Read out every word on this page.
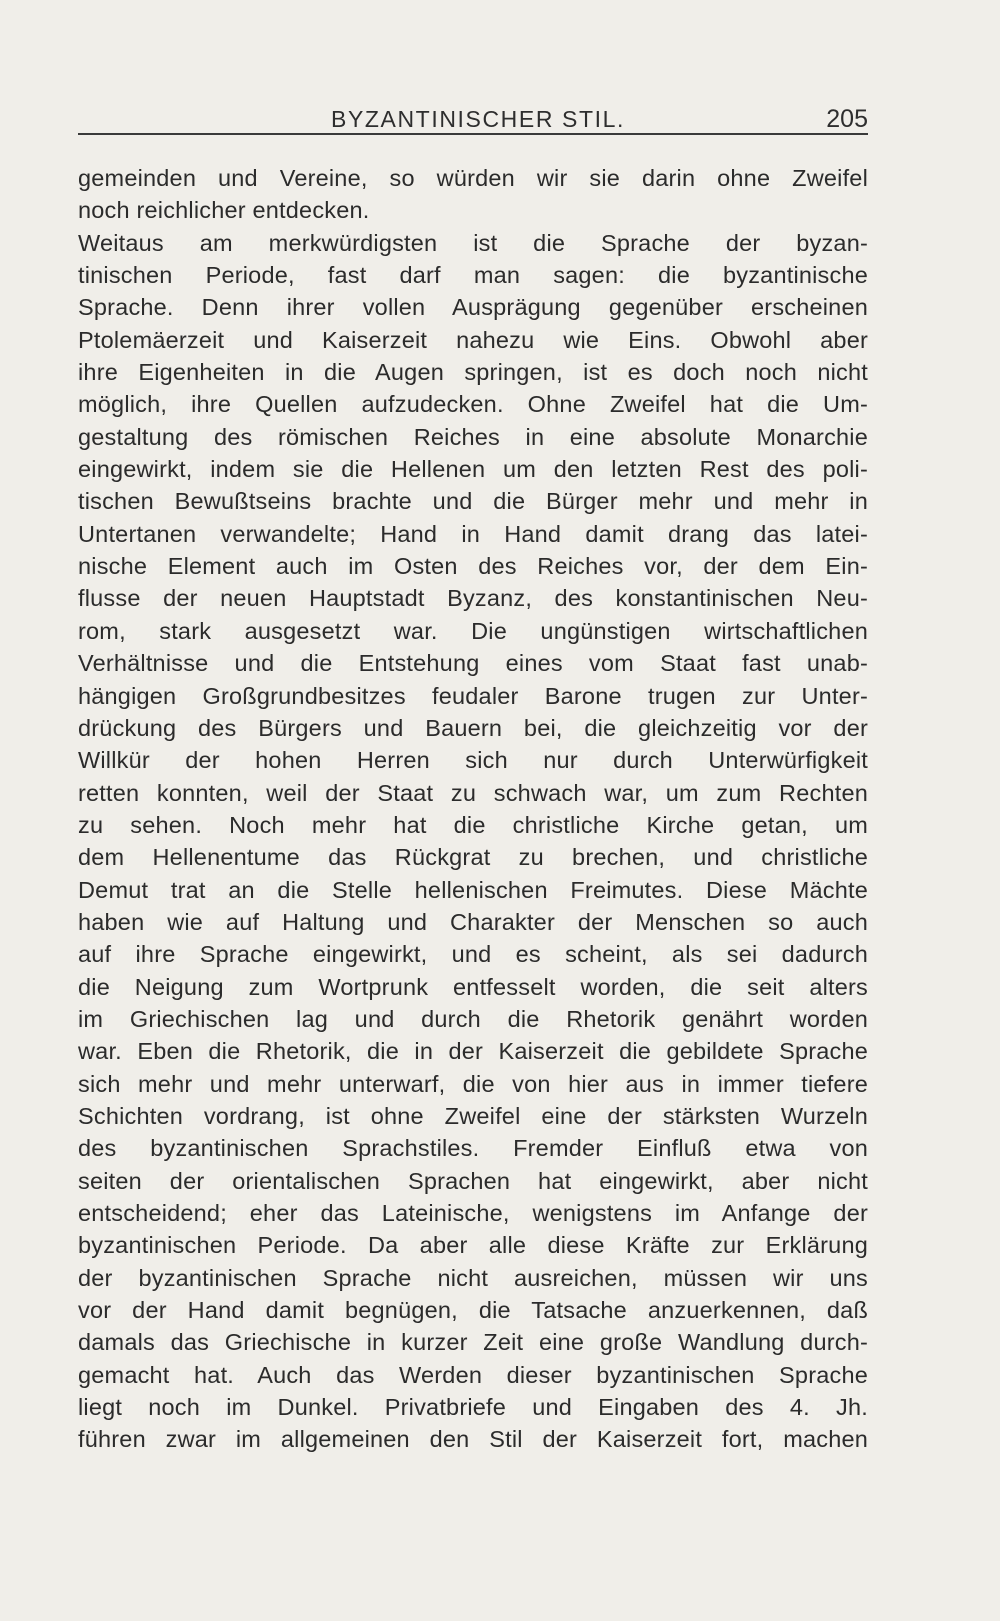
BYZANTINISCHER STIL.	205
gemeinden und Vereine, so würden wir sie darin ohne Zweifel
noch reichlicher entdecken.
Weitaus am merkwürdigsten ist die Sprache der byzan-
tinischen Periode, fast darf man sagen: die byzantinische
Sprache. Denn ihrer vollen Ausprägung gegenüber erscheinen
Ptolemäerzeit und Kaiserzeit nahezu wie Eins. Obwohl aber
ihre Eigenheiten in die Augen springen, ist es doch noch nicht
möglich, ihre Quellen aufzudecken. Ohne Zweifel hat die Um-
gestaltung des römischen Reiches in eine absolute Monarchie
eingewirkt, indem sie die Hellenen um den letzten Rest des poli-
tischen Bewußtseins brachte und die Bürger mehr und mehr in
Untertanen verwandelte; Hand in Hand damit drang das latei-
nische Element auch im Osten des Reiches vor, der dem Ein-
flusse der neuen Hauptstadt Byzanz, des konstantinischen Neu-
rom, stark ausgesetzt war. Die ungünstigen wirtschaftlichen
Verhältnisse und die Entstehung eines vom Staat fast unab-
hängigen Großgrundbesitzes feudaler Barone trugen zur Unter-
drückung des Bürgers und Bauern bei, die gleichzeitig vor der
Willkür der hohen Herren sich nur durch Unterwürfigkeit
retten konnten, weil der Staat zu schwach war, um zum Rechten
zu sehen. Noch mehr hat die christliche Kirche getan, um
dem Hellenentume das Rückgrat zu brechen, und christliche
Demut trat an die Stelle hellenischen Freimutes. Diese Mächte
haben wie auf Haltung und Charakter der Menschen so auch
auf ihre Sprache eingewirkt, und es scheint, als sei dadurch
die Neigung zum Wortprunk entfesselt worden, die seit alters
im Griechischen lag und durch die Rhetorik genährt worden
war. Eben die Rhetorik, die in der Kaiserzeit die gebildete Sprache
sich mehr und mehr unterwarf, die von hier aus in immer tiefere
Schichten vordrang, ist ohne Zweifel eine der stärksten Wurzeln
des byzantinischen Sprachstiles. Fremder Einfluß etwa von
seiten der orientalischen Sprachen hat eingewirkt, aber nicht
entscheidend; eher das Lateinische, wenigstens im Anfange der
byzantinischen Periode. Da aber alle diese Kräfte zur Erklärung
der byzantinischen Sprache nicht ausreichen, müssen wir uns
vor der Hand damit begnügen, die Tatsache anzuerkennen, daß
damals das Griechische in kurzer Zeit eine große Wandlung durch-
gemacht hat. Auch das Werden dieser byzantinischen Sprache
liegt noch im Dunkel. Privatbriefe und Eingaben des 4. Jh.
führen zwar im allgemeinen den Stil der Kaiserzeit fort, machen
